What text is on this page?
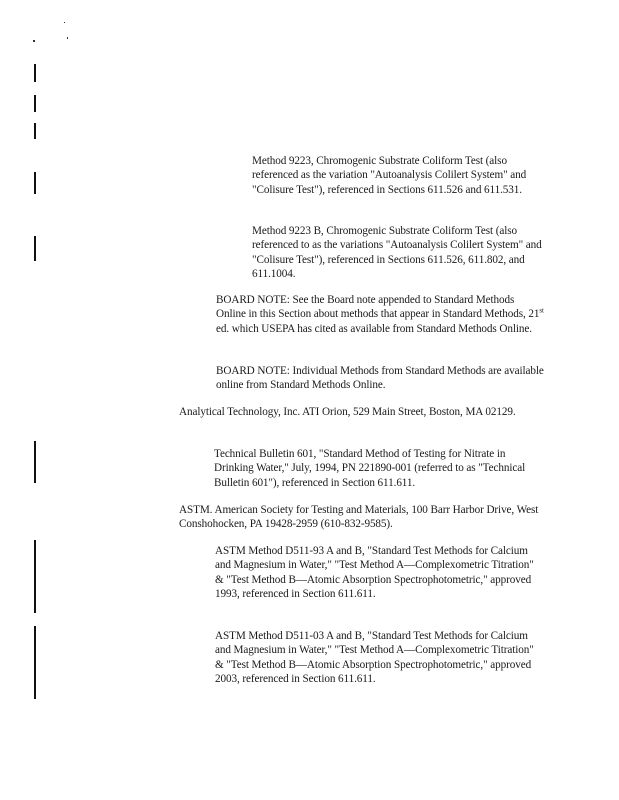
Method 9223, Chromogenic Substrate Coliform Test (also referenced as the variation "Autoanalysis Colilert System" and "Colisure Test"), referenced in Sections 611.526 and 611.531.

Method 9223 B, Chromogenic Substrate Coliform Test (also referenced to as the variations "Autoanalysis Colilert System" and "Colisure Test"), referenced in Sections 611.526, 611.802, and 611.1004.

BOARD NOTE: See the Board note appended to Standard Methods Online in this Section about methods that appear in Standard Methods, 21st ed. which USEPA has cited as available from Standard Methods Online.

BOARD NOTE: Individual Methods from Standard Methods are available online from Standard Methods Online.

Analytical Technology, Inc. ATI Orion, 529 Main Street, Boston, MA 02129.

Technical Bulletin 601, "Standard Method of Testing for Nitrate in Drinking Water," July, 1994, PN 221890-001 (referred to as "Technical Bulletin 601"), referenced in Section 611.611.

ASTM. American Society for Testing and Materials, 100 Barr Harbor Drive, West Conshohocken, PA 19428-2959 (610-832-9585).

ASTM Method D511-93 A and B, "Standard Test Methods for Calcium and Magnesium in Water," "Test Method A—Complexometric Titration" & "Test Method B—Atomic Absorption Spectrophotometric," approved 1993, referenced in Section 611.611.

ASTM Method D511-03 A and B, "Standard Test Methods for Calcium and Magnesium in Water," "Test Method A—Complexometric Titration" & "Test Method B—Atomic Absorption Spectrophotometric," approved 2003, referenced in Section 611.611.
